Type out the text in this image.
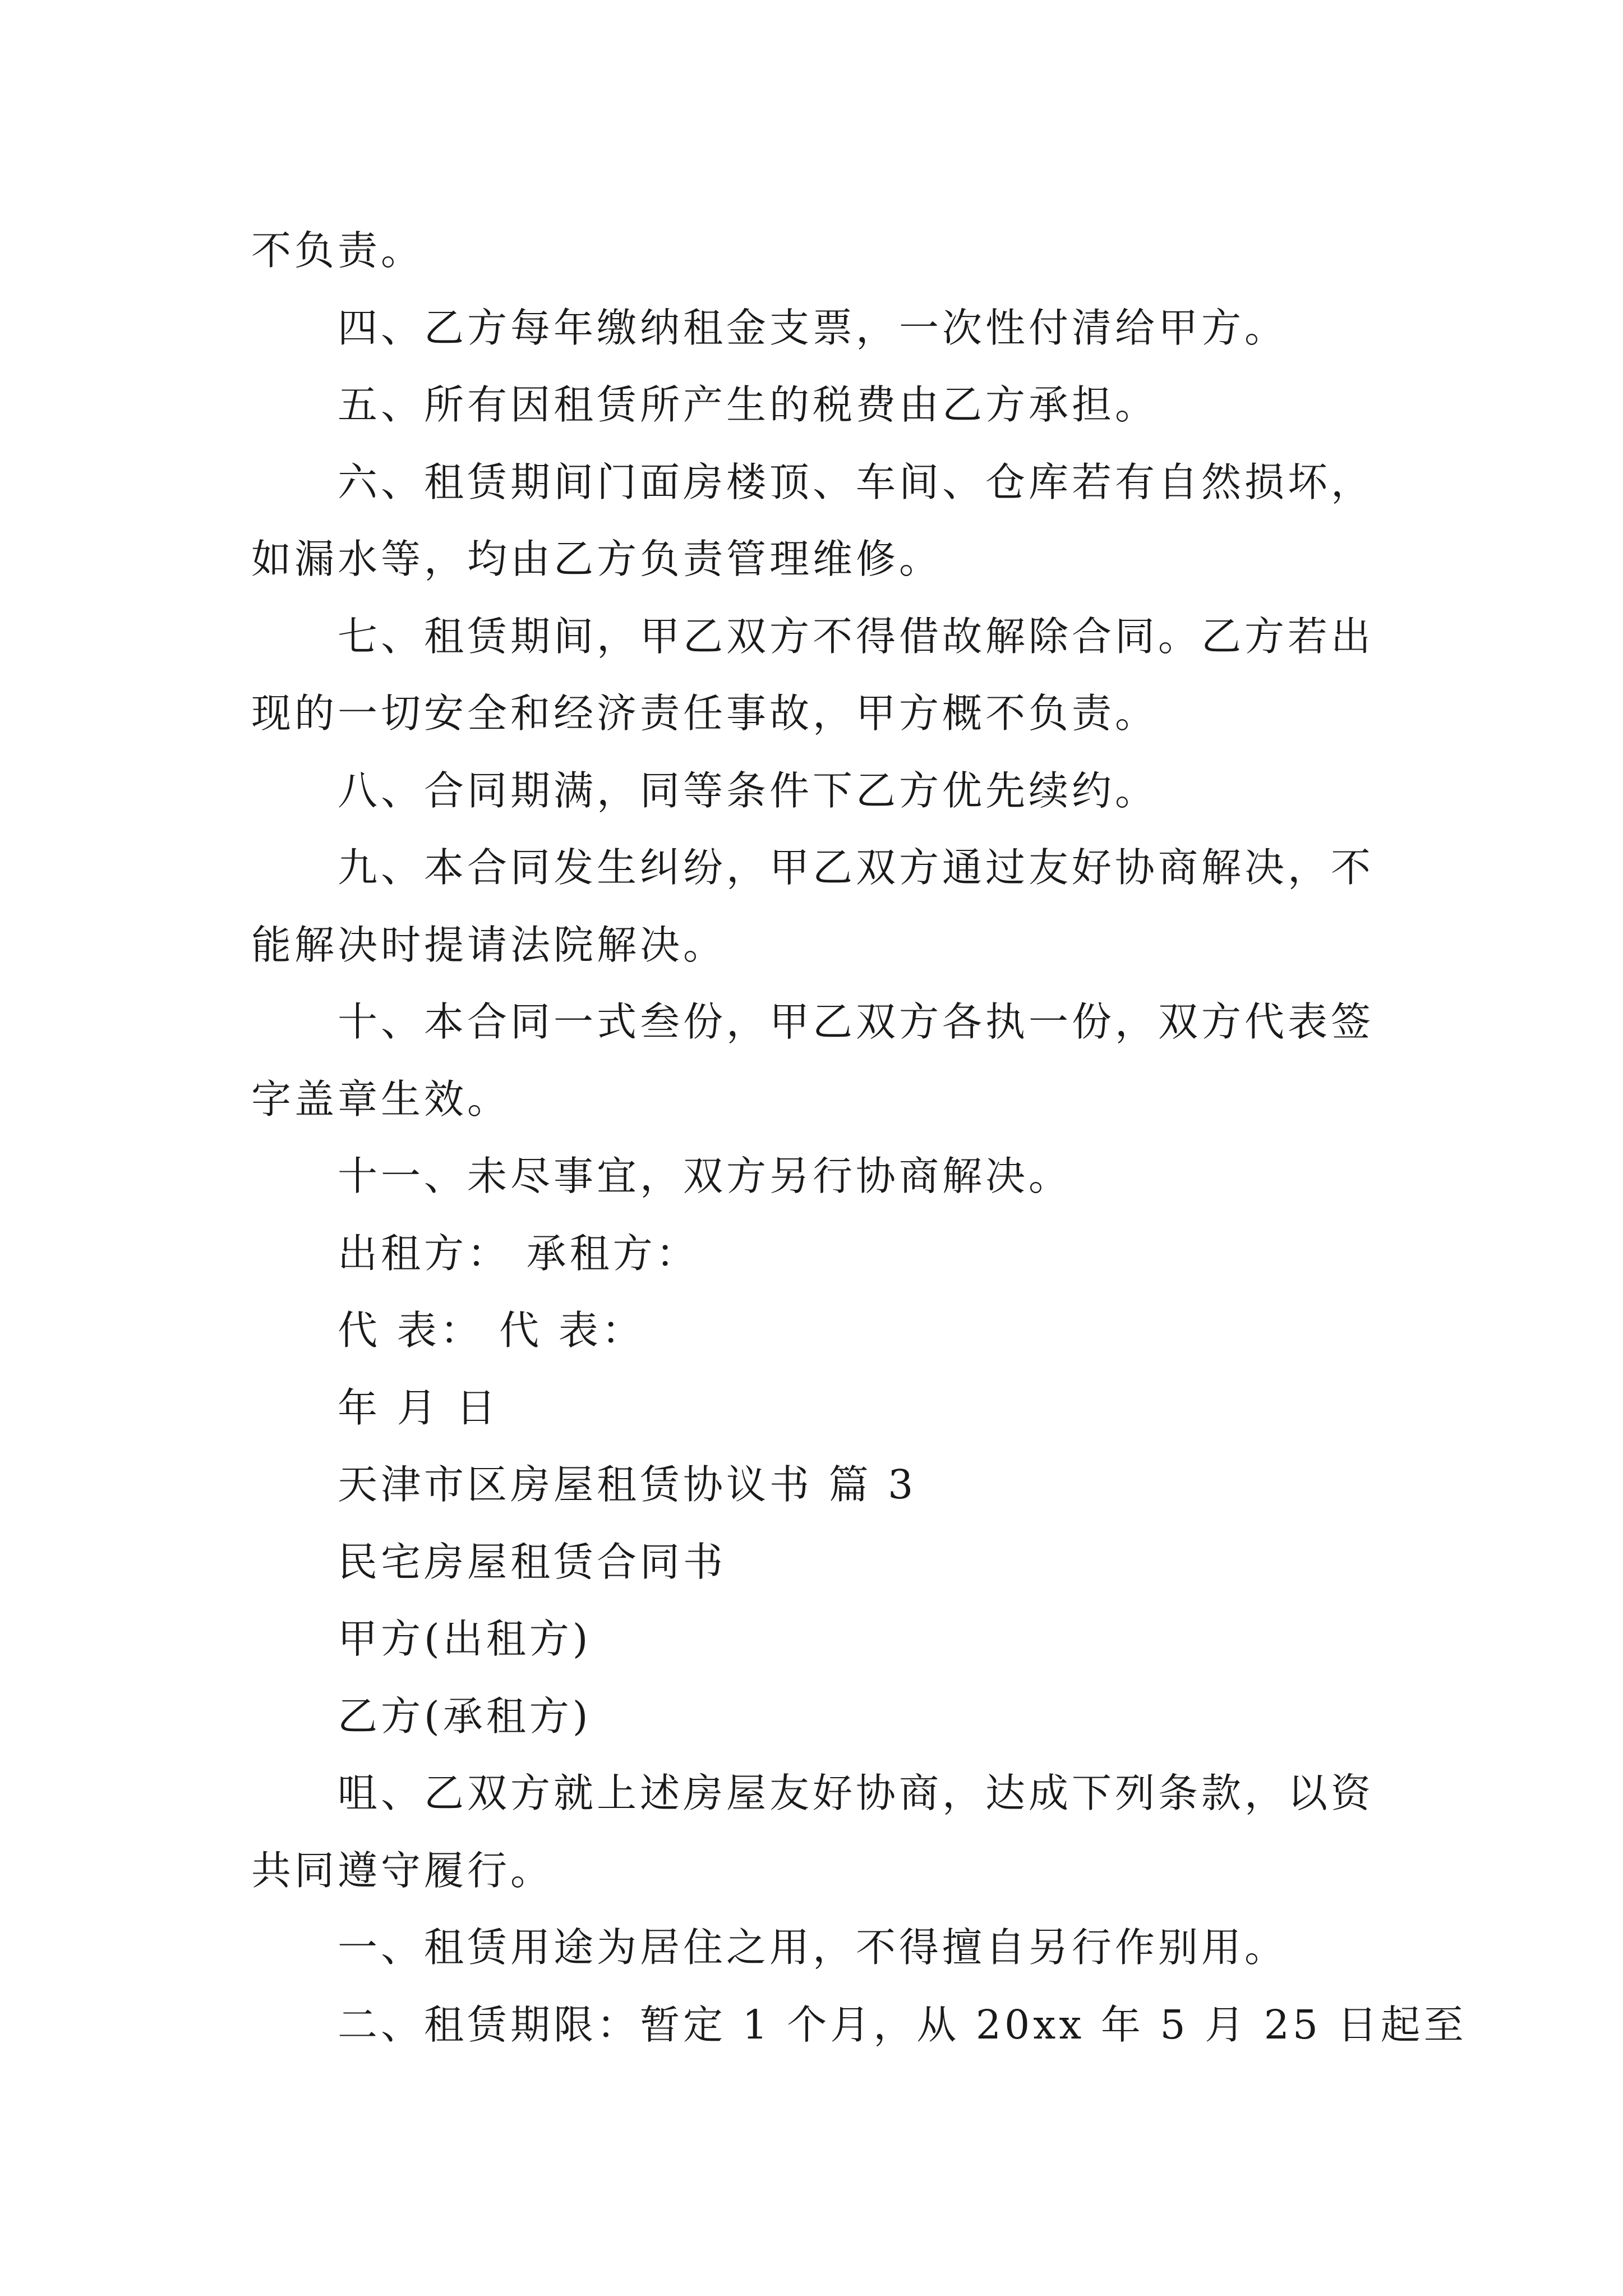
不负责。
四、乙方每年缴纳租金支票，一次性付清给甲方。
五、所有因租赁所产生的税费由乙方承担。
六、租赁期间门面房楼顶、车间、仓库若有自然损坏，
如漏水等，均由乙方负责管理维修。
七、租赁期间，甲乙双方不得借故解除合同。乙方若出
现的一切安全和经济责任事故，甲方概不负责。
八、合同期满，同等条件下乙方优先续约。
九、本合同发生纠纷，甲乙双方通过友好协商解决，不
能解决时提请法院解决。
十、本合同一式叁份，甲乙双方各执一份，双方代表签
字盖章生效。
十一、未尽事宜，双方另行协商解决。
出租方： 承租方：
代 表： 代 表：
年 月 日
天津市区房屋租赁协议书 篇 3
民宅房屋租赁合同书
甲方(出租方)
乙方(承租方)
咀、乙双方就上述房屋友好协商，达成下列条款，以资
共同遵守履行。
一、租赁用途为居住之用，不得擅自另行作别用。
二、租赁期限：暂定 1 个月，从 20xx 年 5 月 25 日起至
